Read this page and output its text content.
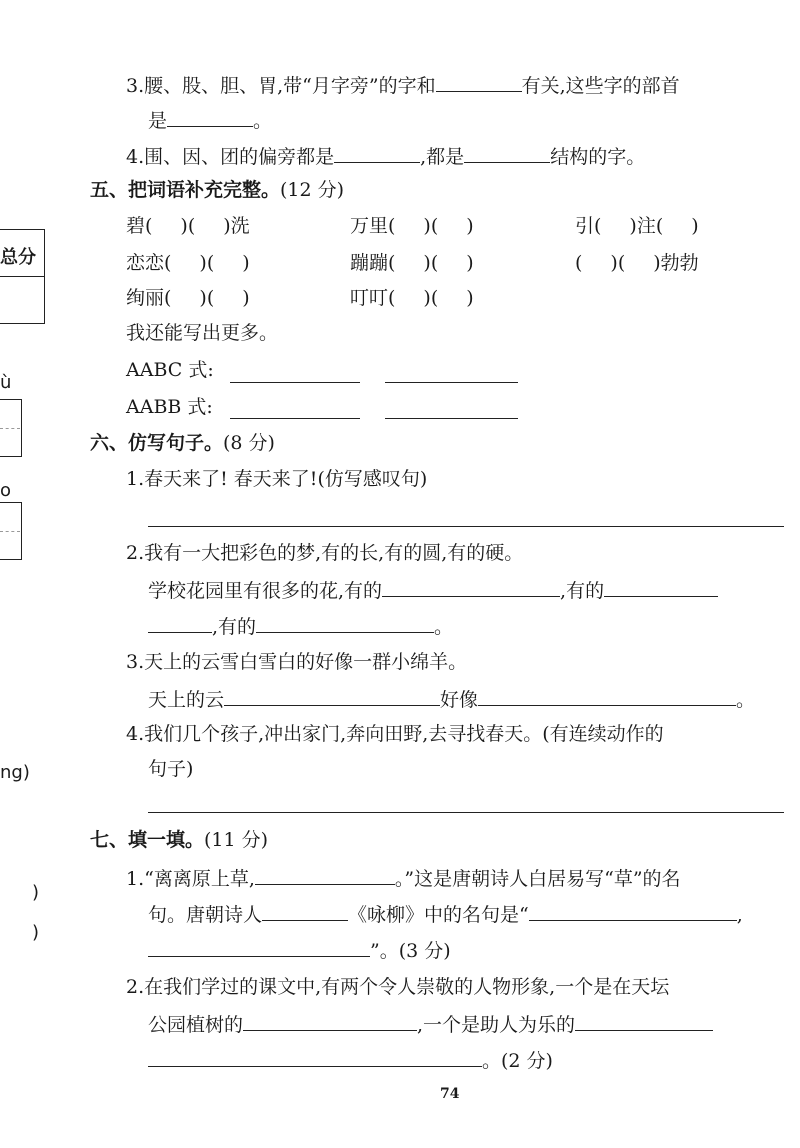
总分
ù
o
ng)
)
)
3.腰、股、胆、胃,带“月字旁”的字和	有关,这些字的部首
是	。
4.围、因、团的偏旁都是	,都是	结构的字。
五、把词语补充完整。(12 分)
碧( )( )洗	万里( )( )	引( )注( )
恋恋( )( )	蹦蹦( )( )	( )( )勃勃
绚丽( )( )	叮叮( )( )
我还能写出更多。
AABC 式:
AABB 式:
六、仿写句子。(8 分)
1.春天来了! 春天来了!(仿写感叹句)
2.我有一大把彩色的梦,有的长,有的圆,有的硬。
学校花园里有很多的花,有的	,有的
,有的	。
3.天上的云雪白雪白的好像一群小绵羊。
天上的云	好像	。
4.我们几个孩子,冲出家门,奔向田野,去寻找春天。(有连续动作的
句子)
七、填一填。(11 分)
1.“离离原上草,	。”这是唐朝诗人白居易写“草”的名
句。唐朝诗人	《咏柳》中的名句是“	,
”。(3 分)
2.在我们学过的课文中,有两个令人崇敬的人物形象,一个是在天坛
公园植树的	,一个是助人为乐的
。(2 分)
74
